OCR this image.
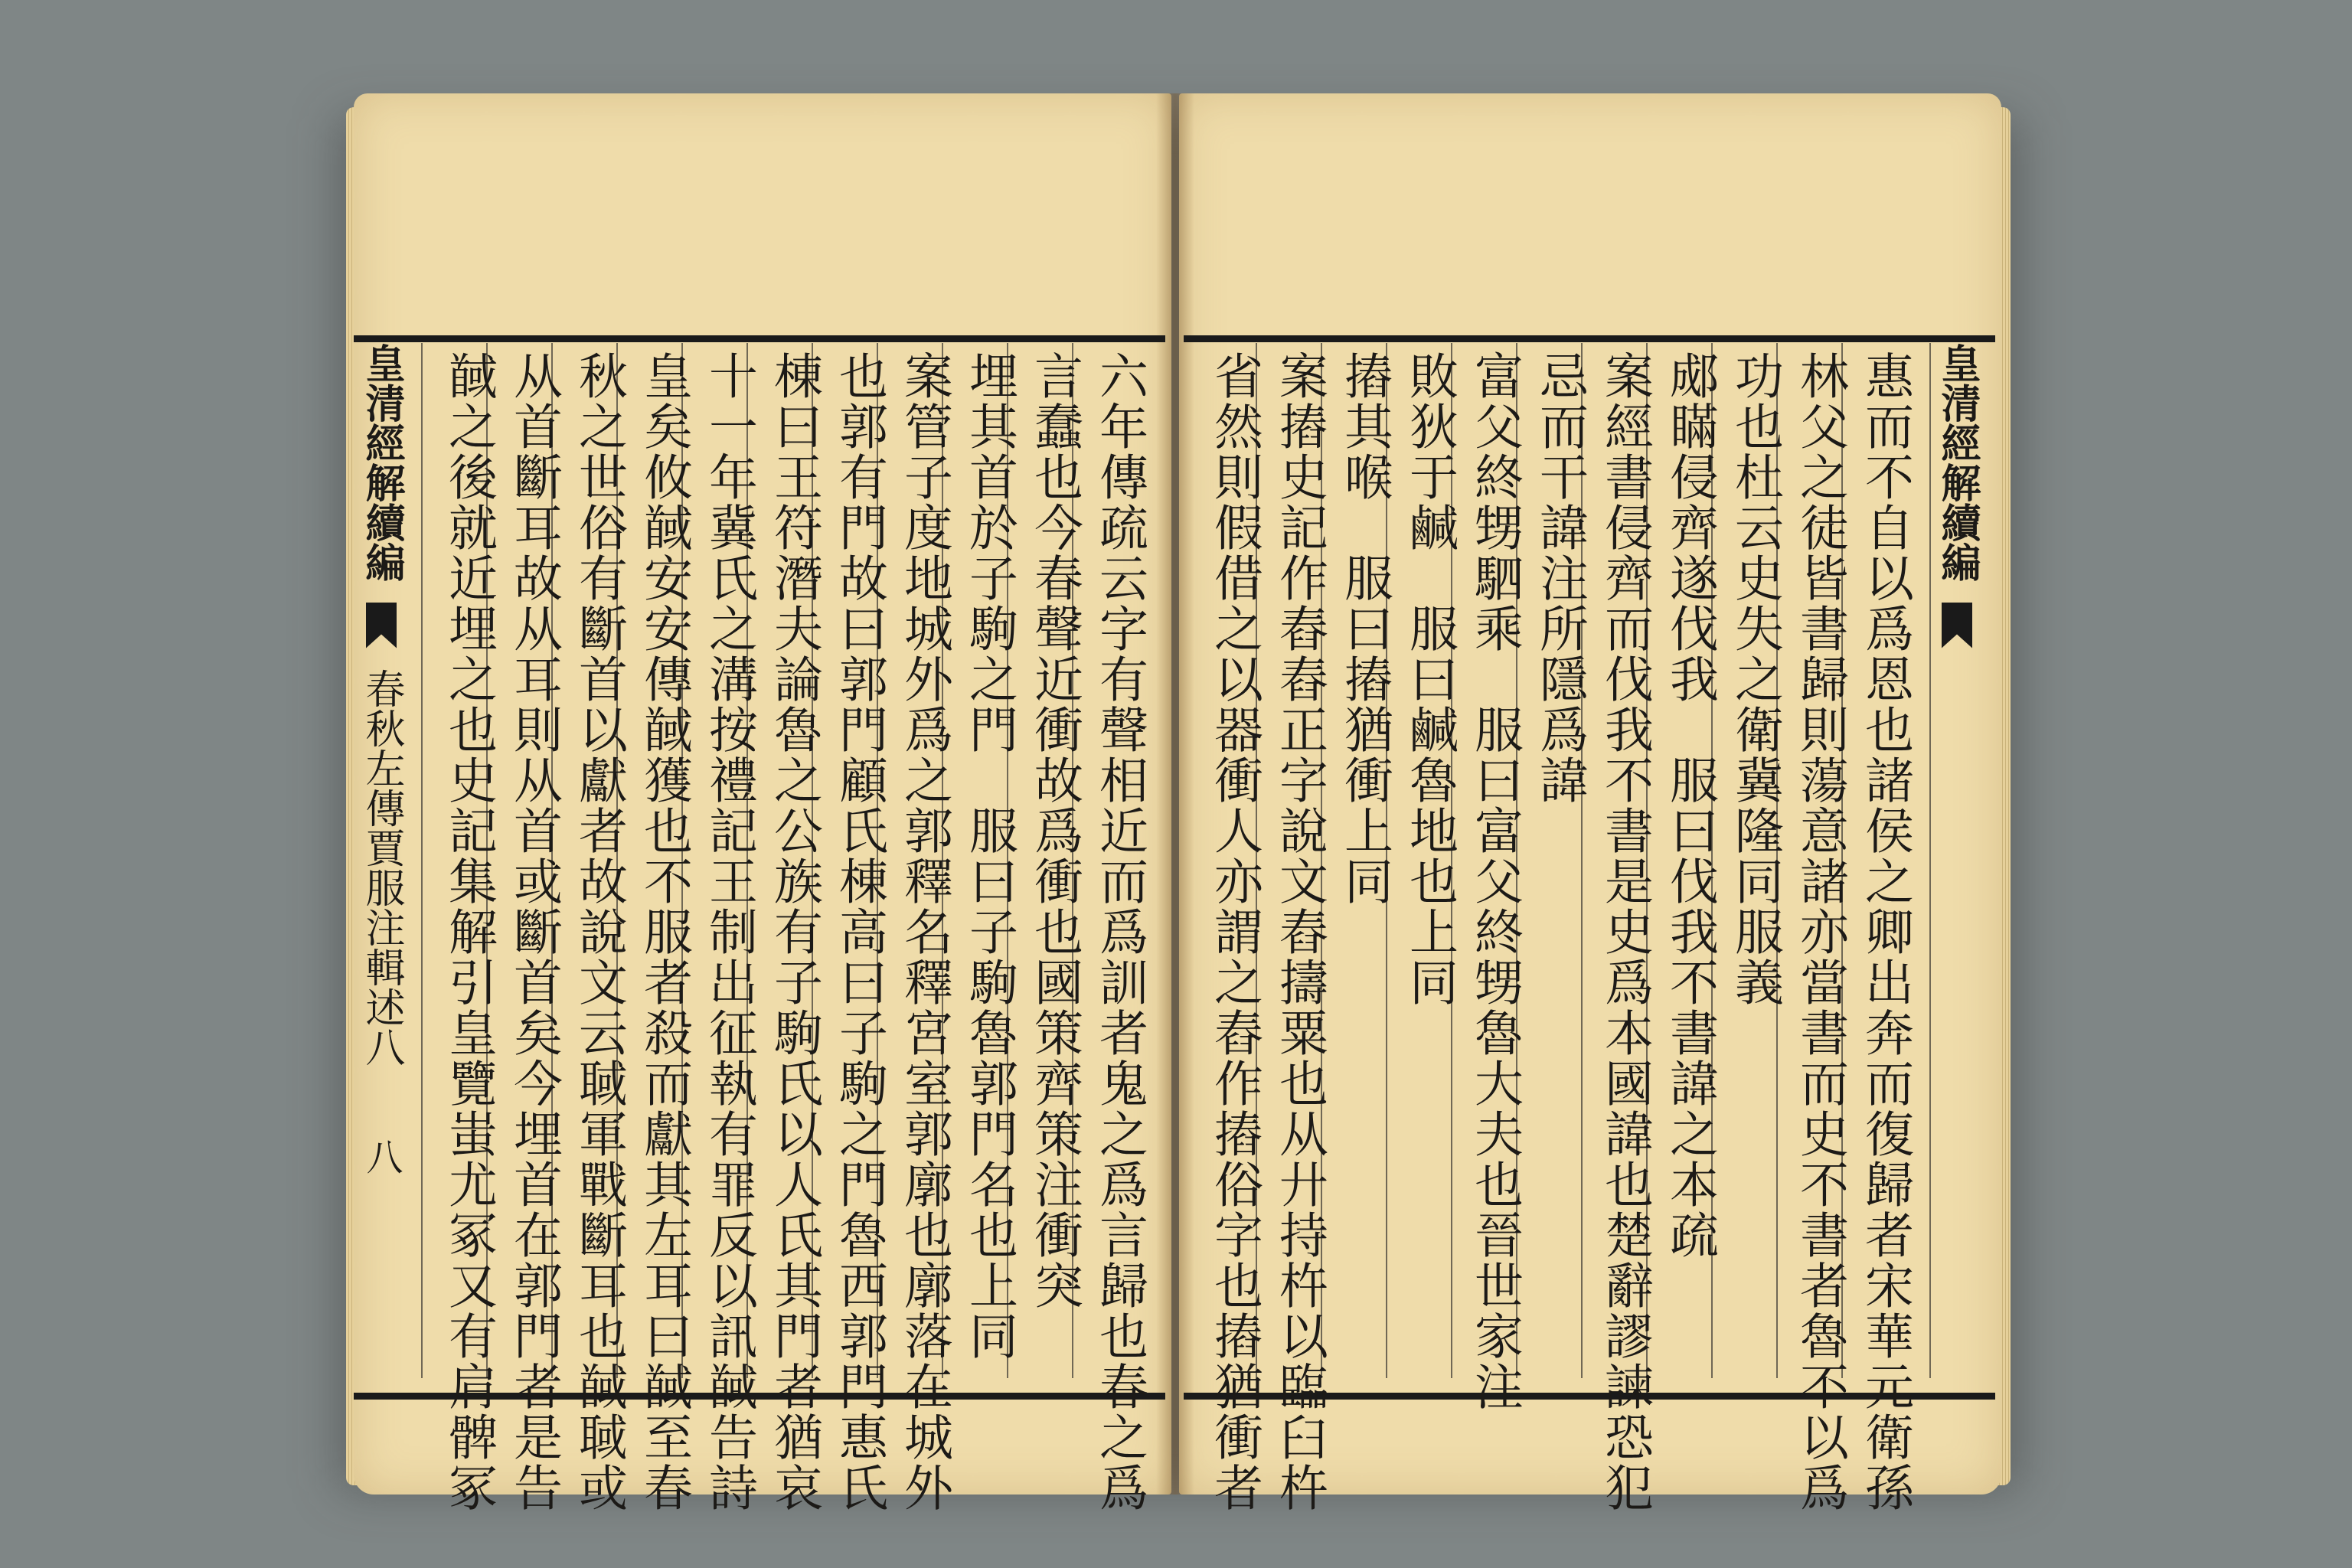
皇清經解續編  春秋左傳賈服注輯述八  八	六年傳疏云字有聲相近而爲訓者鬼之爲言歸也春之爲
言蠢也今春聲近衝故爲衝也國策齊策注衝突
埋其首於子駒之門　服曰子駒魯郭門名也上同
案管子度地城外爲之郭釋名釋宮室郭廓也廓落在城外
也郭有門故曰郭門顧氏棟高曰子駒之門魯西郭門惠氏
棟曰王符潛夫論魯之公族有子駒氏以人氏其門者猶哀
十一年冀氏之溝按禮記王制出征執有罪反以訊馘告詩
皇矣攸馘安安傳馘獲也不服者殺而獻其左耳曰馘至春
秋之世俗有斷首以獻者故說文云聝軍戰斷耳也馘聝或
从首斷耳故从耳則从首或斷首矣今埋首在郭門者是告
馘之後就近埋之也史記集解引皇覽蚩尤冢又有肩髀冢	皇清經解續編
惠而不自以爲恩也諸侯之卿出奔而復歸者宋華元衛孫
林父之徒皆書歸則蕩意諸亦當書而史不書者魯不以爲
功也杜云史失之衛冀隆同服義
郕瞞侵齊遂伐我　服曰伐我不書諱之本疏
案經書侵齊而伐我不書是史爲本國諱也楚辭謬諫恐犯
忌而干諱注所隱爲諱
富父終甥駟乘　服曰富父終甥魯大夫也晉世家注
敗狄于鹹　服曰鹹魯地也上同
摏其喉　服曰摏猶衝上同
案摏史記作舂舂正字說文舂擣粟也从廾持杵以臨臼杵
省然則假借之以器衝人亦謂之舂作摏俗字也摏猶衝者
